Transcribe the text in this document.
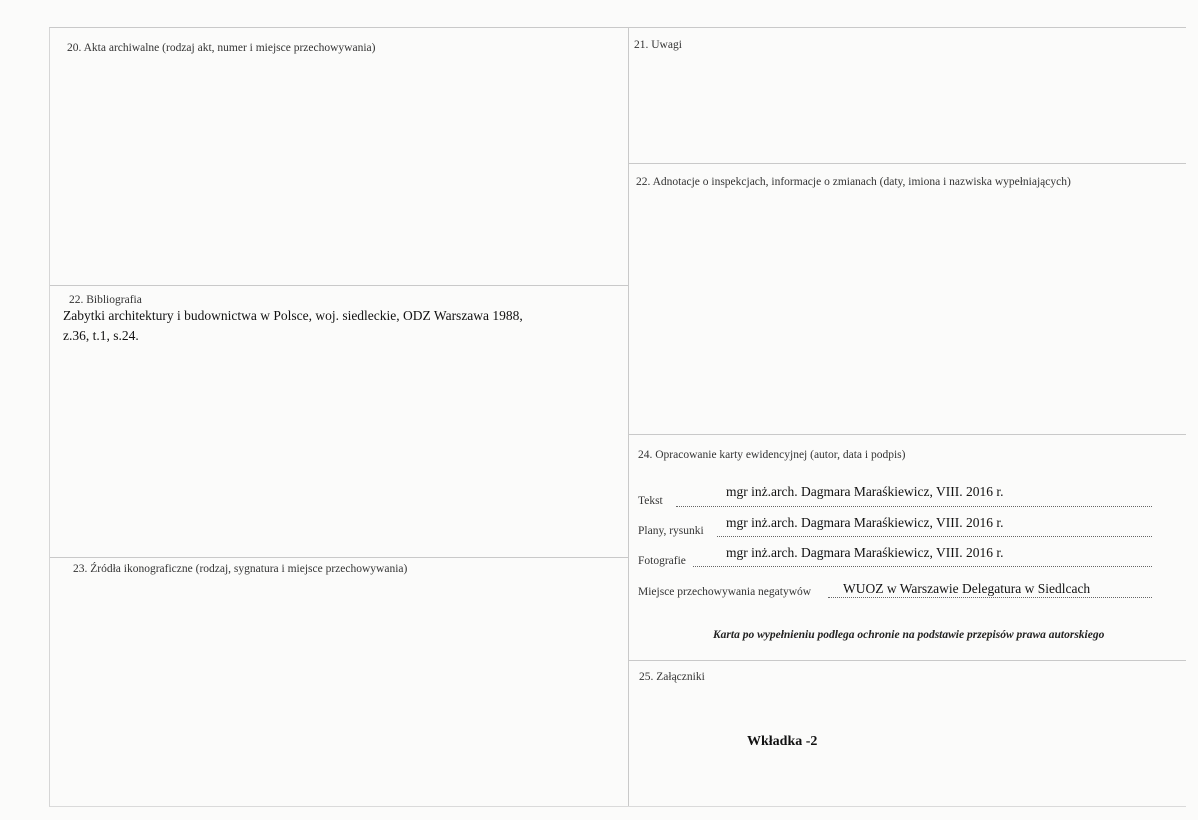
20. Akta archiwalne (rodzaj akt, numer i miejsce przechowywania)
22. Bibliografia
Zabytki architektury i budownictwa w Polsce, woj. siedleckie, ODZ Warszawa 1988,
z.36, t.1, s.24.
23. Źródła ikonograficzne (rodzaj, sygnatura i miejsce przechowywania)
21. Uwagi
22. Adnotacje o inspekcjach, informacje o zmianach (daty, imiona i nazwiska wypełniających)
24. Opracowanie karty ewidencyjnej (autor, data i podpis)
Tekst
mgr inż.arch. Dagmara Maraśkiewicz, VIII. 2016 r.
Plany, rysunki
mgr inż.arch. Dagmara Maraśkiewicz, VIII. 2016 r.
Fotografie
mgr inż.arch. Dagmara Maraśkiewicz, VIII. 2016 r.
Miejsce przechowywania negatywów WUOZ w Warszawie Delegatura w Siedlcach
Karta po wypełnieniu podlega ochronie na podstawie przepisów prawa autorskiego
25. Załączniki
Wkładka -2
